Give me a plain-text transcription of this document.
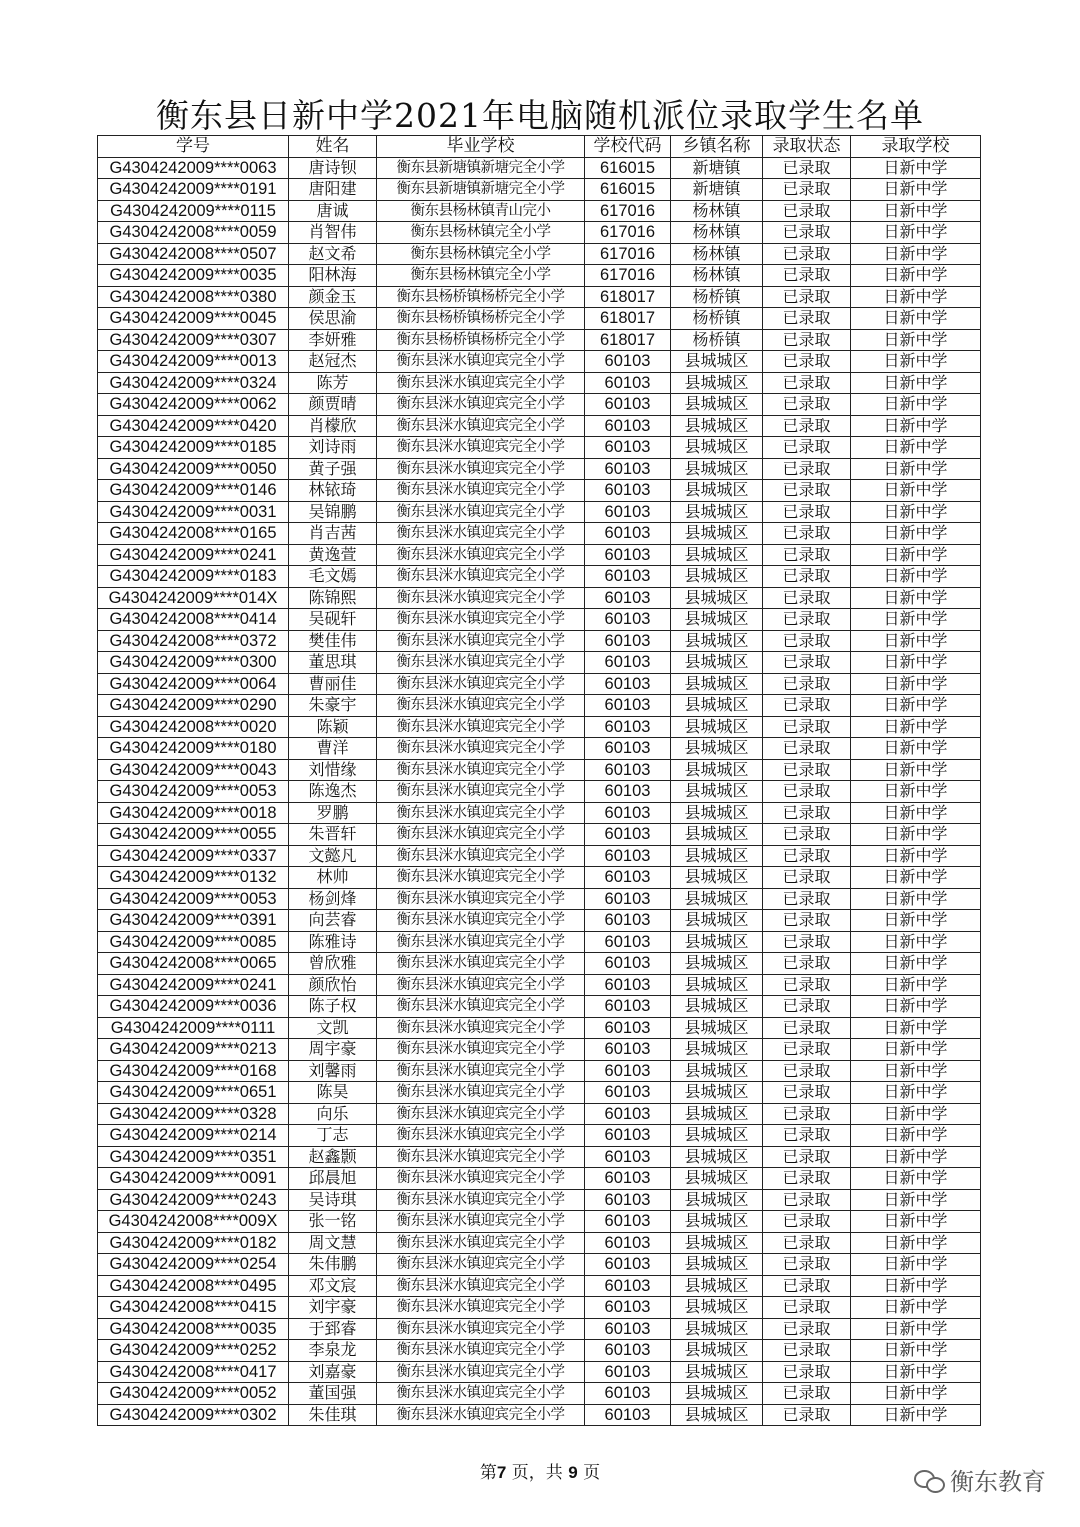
衡东县日新中学2021年电脑随机派位录取学生名单
学号	姓名	毕业学校	学校代码	乡镇名称	录取状态	录取学校
G4304242009****0063	唐诗钡	衡东县新塘镇新塘完全小学	616015	新塘镇	已录取	日新中学
G4304242009****0191	唐阳建	衡东县新塘镇新塘完全小学	616015	新塘镇	已录取	日新中学
G4304242009****0115	唐诚	衡东县杨林镇青山完小	617016	杨林镇	已录取	日新中学
G4304242008****0059	肖智伟	衡东县杨林镇完全小学	617016	杨林镇	已录取	日新中学
G4304242008****0507	赵文希	衡东县杨林镇完全小学	617016	杨林镇	已录取	日新中学
G4304242009****0035	阳林海	衡东县杨林镇完全小学	617016	杨林镇	已录取	日新中学
G4304242008****0380	颜金玉	衡东县杨桥镇杨桥完全小学	618017	杨桥镇	已录取	日新中学
G4304242009****0045	侯思渝	衡东县杨桥镇杨桥完全小学	618017	杨桥镇	已录取	日新中学
G4304242009****0307	李妍雅	衡东县杨桥镇杨桥完全小学	618017	杨桥镇	已录取	日新中学
G4304242009****0013	赵冠杰	衡东县洣水镇迎宾完全小学	60103	县城城区	已录取	日新中学
G4304242009****0324	陈芳	衡东县洣水镇迎宾完全小学	60103	县城城区	已录取	日新中学
G4304242009****0062	颜贾晴	衡东县洣水镇迎宾完全小学	60103	县城城区	已录取	日新中学
G4304242009****0420	肖檬欣	衡东县洣水镇迎宾完全小学	60103	县城城区	已录取	日新中学
G4304242009****0185	刘诗雨	衡东县洣水镇迎宾完全小学	60103	县城城区	已录取	日新中学
G4304242009****0050	黄子强	衡东县洣水镇迎宾完全小学	60103	县城城区	已录取	日新中学
G4304242009****0146	林铱琦	衡东县洣水镇迎宾完全小学	60103	县城城区	已录取	日新中学
G4304242009****0031	吴锦鹏	衡东县洣水镇迎宾完全小学	60103	县城城区	已录取	日新中学
G4304242008****0165	肖吉茜	衡东县洣水镇迎宾完全小学	60103	县城城区	已录取	日新中学
G4304242009****0241	黄逸萱	衡东县洣水镇迎宾完全小学	60103	县城城区	已录取	日新中学
G4304242009****0183	毛文嫣	衡东县洣水镇迎宾完全小学	60103	县城城区	已录取	日新中学
G4304242009****014X	陈锦熙	衡东县洣水镇迎宾完全小学	60103	县城城区	已录取	日新中学
G4304242008****0414	吴砚轩	衡东县洣水镇迎宾完全小学	60103	县城城区	已录取	日新中学
G4304242008****0372	樊佳伟	衡东县洣水镇迎宾完全小学	60103	县城城区	已录取	日新中学
G4304242009****0300	董思琪	衡东县洣水镇迎宾完全小学	60103	县城城区	已录取	日新中学
G4304242009****0064	曹丽佳	衡东县洣水镇迎宾完全小学	60103	县城城区	已录取	日新中学
G4304242009****0290	朱豪宇	衡东县洣水镇迎宾完全小学	60103	县城城区	已录取	日新中学
G4304242008****0020	陈颖	衡东县洣水镇迎宾完全小学	60103	县城城区	已录取	日新中学
G4304242009****0180	曹洋	衡东县洣水镇迎宾完全小学	60103	县城城区	已录取	日新中学
G4304242009****0043	刘惜缘	衡东县洣水镇迎宾完全小学	60103	县城城区	已录取	日新中学
G4304242009****0053	陈逸杰	衡东县洣水镇迎宾完全小学	60103	县城城区	已录取	日新中学
G4304242009****0018	罗鹏	衡东县洣水镇迎宾完全小学	60103	县城城区	已录取	日新中学
G4304242009****0055	朱晋轩	衡东县洣水镇迎宾完全小学	60103	县城城区	已录取	日新中学
G4304242009****0337	文懿凡	衡东县洣水镇迎宾完全小学	60103	县城城区	已录取	日新中学
G4304242009****0132	林帅	衡东县洣水镇迎宾完全小学	60103	县城城区	已录取	日新中学
G4304242009****0053	杨剑烽	衡东县洣水镇迎宾完全小学	60103	县城城区	已录取	日新中学
G4304242009****0391	向芸睿	衡东县洣水镇迎宾完全小学	60103	县城城区	已录取	日新中学
G4304242009****0085	陈雅诗	衡东县洣水镇迎宾完全小学	60103	县城城区	已录取	日新中学
G4304242008****0065	曾欣雅	衡东县洣水镇迎宾完全小学	60103	县城城区	已录取	日新中学
G4304242009****0241	颜欣怡	衡东县洣水镇迎宾完全小学	60103	县城城区	已录取	日新中学
G4304242009****0036	陈子权	衡东县洣水镇迎宾完全小学	60103	县城城区	已录取	日新中学
G4304242009****0111	文凯	衡东县洣水镇迎宾完全小学	60103	县城城区	已录取	日新中学
G4304242009****0213	周宇豪	衡东县洣水镇迎宾完全小学	60103	县城城区	已录取	日新中学
G4304242009****0168	刘馨雨	衡东县洣水镇迎宾完全小学	60103	县城城区	已录取	日新中学
G4304242009****0651	陈昊	衡东县洣水镇迎宾完全小学	60103	县城城区	已录取	日新中学
G4304242009****0328	向乐	衡东县洣水镇迎宾完全小学	60103	县城城区	已录取	日新中学
G4304242009****0214	丁志	衡东县洣水镇迎宾完全小学	60103	县城城区	已录取	日新中学
G4304242009****0351	赵鑫颢	衡东县洣水镇迎宾完全小学	60103	县城城区	已录取	日新中学
G4304242009****0091	邱晨旭	衡东县洣水镇迎宾完全小学	60103	县城城区	已录取	日新中学
G4304242009****0243	吴诗琪	衡东县洣水镇迎宾完全小学	60103	县城城区	已录取	日新中学
G4304242008****009X	张一铭	衡东县洣水镇迎宾完全小学	60103	县城城区	已录取	日新中学
G4304242009****0182	周文慧	衡东县洣水镇迎宾完全小学	60103	县城城区	已录取	日新中学
G4304242009****0254	朱伟鹏	衡东县洣水镇迎宾完全小学	60103	县城城区	已录取	日新中学
G4304242008****0495	邓文宸	衡东县洣水镇迎宾完全小学	60103	县城城区	已录取	日新中学
G4304242008****0415	刘宇豪	衡东县洣水镇迎宾完全小学	60103	县城城区	已录取	日新中学
G4304242008****0035	于郅睿	衡东县洣水镇迎宾完全小学	60103	县城城区	已录取	日新中学
G4304242009****0252	李泉龙	衡东县洣水镇迎宾完全小学	60103	县城城区	已录取	日新中学
G4304242008****0417	刘嘉豪	衡东县洣水镇迎宾完全小学	60103	县城城区	已录取	日新中学
G4304242009****0052	董国强	衡东县洣水镇迎宾完全小学	60103	县城城区	已录取	日新中学
G4304242009****0302	朱佳琪	衡东县洣水镇迎宾完全小学	60103	县城城区	已录取	日新中学
第7 页，共 9 页	衡东教育
